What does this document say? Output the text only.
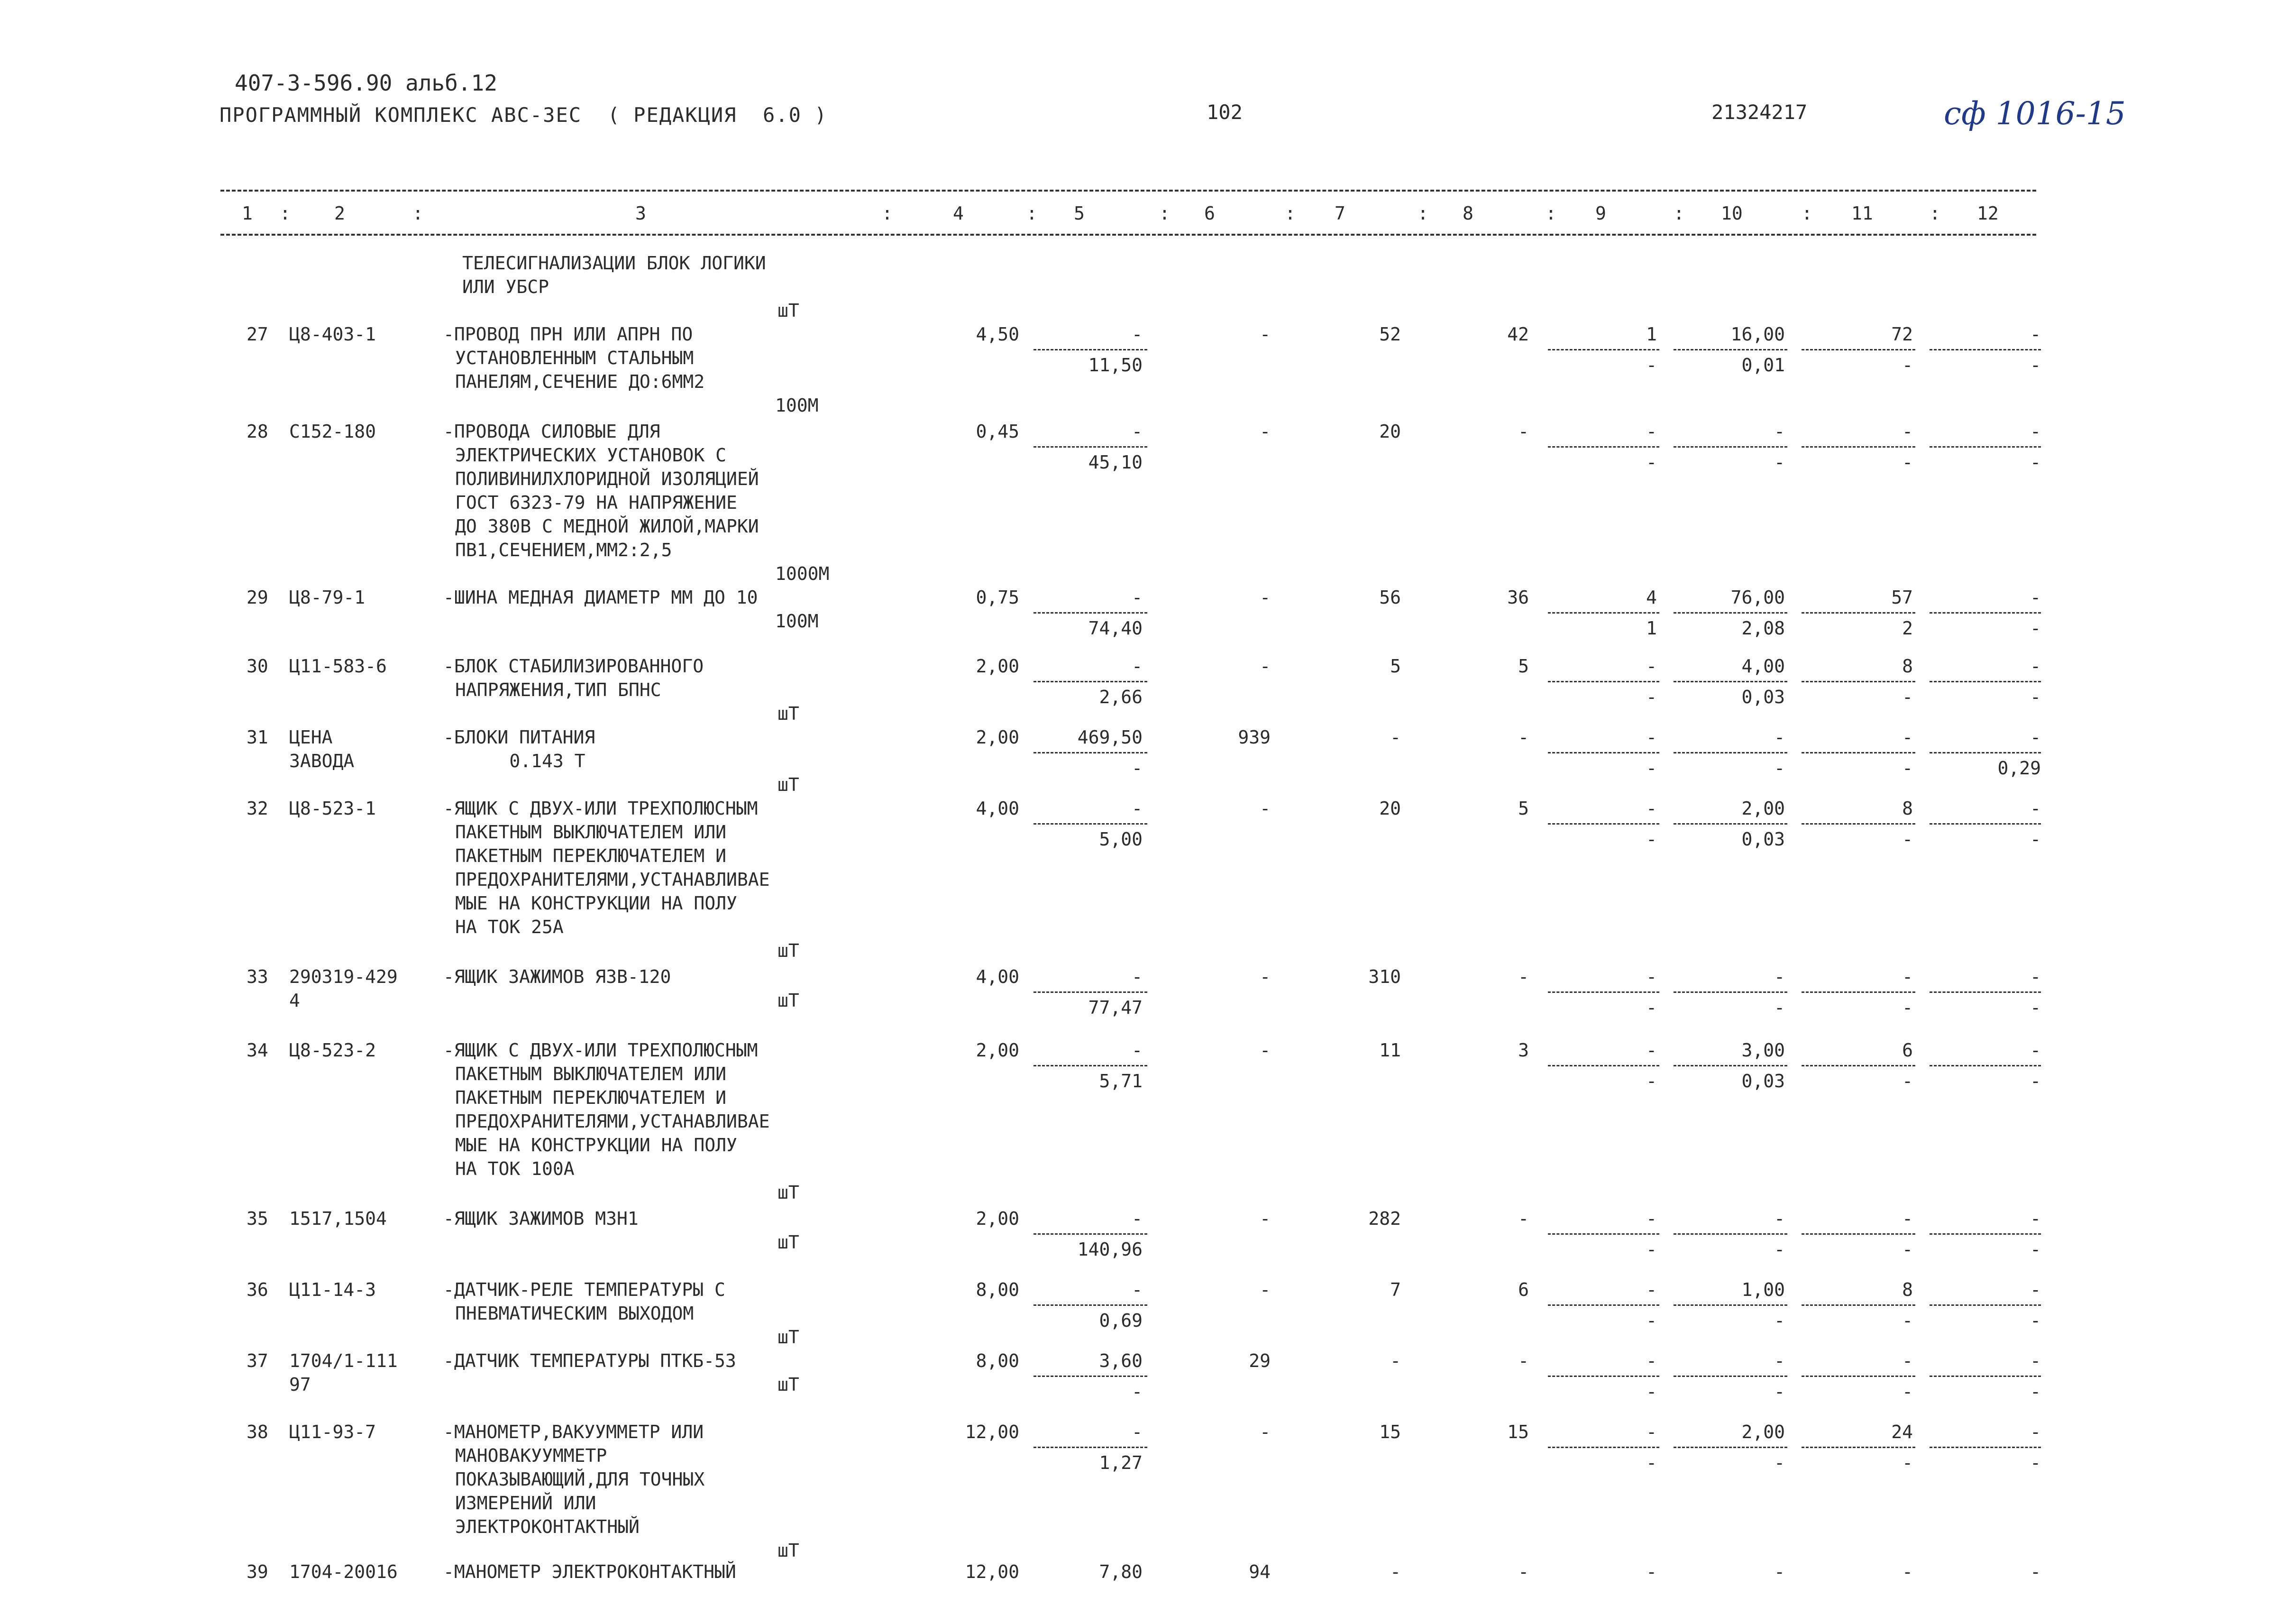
407-3-596.90 альб.12
ПРОГРАММНЫЙ КОМПЛЕКС АВС-ЗЕС  ( РЕДАКЦИЯ  6.0 )	102	21324217	сф 1016-15
1	2	3	4	5	6	7	8	9	10	11	12
:	:	:	:	:	:	:	:	:	:	:
ТЕЛЕСИГНАЛИЗАЦИИ БЛОК ЛОГИКИ
ИЛИ УБСР
шТ
27 Ц8-403-1	-ПРОВОД ПРН ИЛИ АПРН ПО
УСТАНОВЛЕННЫМ СТАЛЬНЫМ
ПАНЕЛЯМ,СЕЧЕНИЕ ДО:6ММ2
100М
4,50	-	-	52	42	1	16,00	72	-
11,50	-	0,01	-	-
28 С152-180	-ПРОВОДА СИЛОВЫЕ ДЛЯ
ЭЛЕКТРИЧЕСКИХ УСТАНОВОК С
ПОЛИВИНИЛХЛОРИДНОЙ ИЗОЛЯЦИЕЙ
ГОСТ 6323-79 НА НАПРЯЖЕНИЕ
ДО 380В С МЕДНОЙ ЖИЛОЙ,МАРКИ
ПВ1,СЕЧЕНИЕМ,ММ2:2,5
1000М
0,45	-	-	20	-	-	-	-	-
45,10	-	-	-	-
29 Ц8-79-1	-ШИНА МЕДНАЯ ДИАМЕТР ММ ДО 10
100М
0,75	-	-	56	36	4	76,00	57	-
74,40	1	2,08	2	-
30 Ц11-583-6	-БЛОК СТАБИЛИЗИРОВАННОГО
НАПРЯЖЕНИЯ,ТИП БПНС
шТ
2,00	-	-	5	5	-	4,00	8	-
2,66	-	0,03	-	-
31 ЦЕНА
ЗАВОДА
-БЛОКИ ПИТАНИЯ
0.143 Т
шТ
2,00	469,50	939	-	-	-	-	-	-
-	-	-	-	0,29
32 Ц8-523-1	-ЯЩИК С ДВУХ-ИЛИ ТРЕХПОЛЮСНЫМ
ПАКЕТНЫМ ВЫКЛЮЧАТЕЛЕМ ИЛИ
ПАКЕТНЫМ ПЕРЕКЛЮЧАТЕЛЕМ И
ПРЕДОХРАНИТЕЛЯМИ,УСТАНАВЛИВАЕ
МЫЕ НА КОНСТРУКЦИИ НА ПОЛУ
НА ТОК 25А
шТ
4,00	-	-	20	5	-	2,00	8	-
5,00	-	0,03	-	-
33 290319-429
4
-ЯЩИК ЗАЖИМОВ ЯЗВ-120
шТ
4,00	-	-	310	-	-	-	-	-
77,47	-	-	-	-
34 Ц8-523-2	-ЯЩИК С ДВУХ-ИЛИ ТРЕХПОЛЮСНЫМ
ПАКЕТНЫМ ВЫКЛЮЧАТЕЛЕМ ИЛИ
ПАКЕТНЫМ ПЕРЕКЛЮЧАТЕЛЕМ И
ПРЕДОХРАНИТЕЛЯМИ,УСТАНАВЛИВАЕ
МЫЕ НА КОНСТРУКЦИИ НА ПОЛУ
НА ТОК 100А
шТ
2,00	-	-	11	3	-	3,00	6	-
5,71	-	0,03	-	-
35 1517,1504	-ЯЩИК ЗАЖИМОВ МЗН1
шТ
2,00	-	-	282	-	-	-	-	-
140,96	-	-	-	-
36 Ц11-14-3	-ДАТЧИК-РЕЛЕ ТЕМПЕРАТУРЫ С
ПНЕВМАТИЧЕСКИМ ВЫХОДОМ
шТ
8,00	-	-	7	6	-	1,00	8	-
0,69	-	-	-	-
37 1704/1-111
97
-ДАТЧИК ТЕМПЕРАТУРЫ ПТКБ-53
шТ
8,00	3,60	29	-	-	-	-	-	-
-	-	-	-	-
38 Ц11-93-7	-МАНОМЕТР,ВАКУУММЕТР ИЛИ
МАНОВАКУУММЕТР
ПОКАЗЫВАЮЩИЙ,ДЛЯ ТОЧНЫХ
ИЗМЕРЕНИЙ ИЛИ
ЭЛЕКТРОКОНТАКТНЫЙ
шТ
12,00	-	-	15	15	-	2,00	24	-
1,27	-	-	-	-
39 1704-20016	-МАНОМЕТР ЭЛЕКТРОКОНТАКТНЫЙ	12,00	7,80	94	-	-	-	-	-	-
